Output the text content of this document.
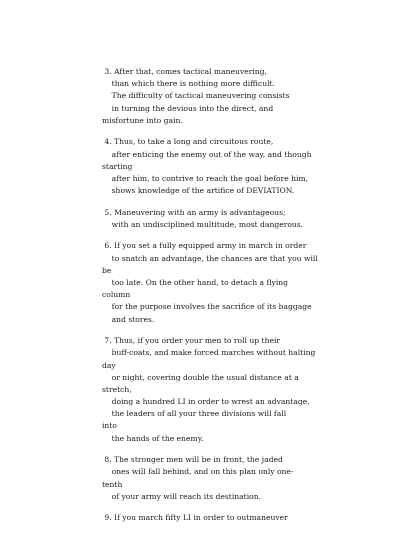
3. After that, comes tactical maneuvering,
than which there is nothing more difficult.
The difficulty of tactical maneuvering consists
in turning the devious into the direct, and
misfortune into gain.
4. Thus, to take a long and circuitous route,
after enticing the enemy out of the way, and though
starting
after him, to contrive to reach the goal before him,
shows knowledge of the artifice of DEVIATION.
5. Maneuvering with an army is advantageous;
with an undisciplined multitude, most dangerous.
6. If you set a fully equipped army in march in order
to snatch an advantage, the chances are that you will
be
too late. On the other hand, to detach a flying
column
for the purpose involves the sacrifice of its baggage
and stores.
7. Thus, if you order your men to roll up their
buff-coats, and make forced marches without halting
day
or night, covering double the usual distance at a
stretch,
doing a hundred LI in order to wrest an advantage,
the leaders of all your three divisions will fall
into
the hands of the enemy.
8. The stronger men will be in front, the jaded
ones will fall behind, and on this plan only one-
tenth
of your army will reach its destination.
9. If you march fifty LI in order to outmaneuver
